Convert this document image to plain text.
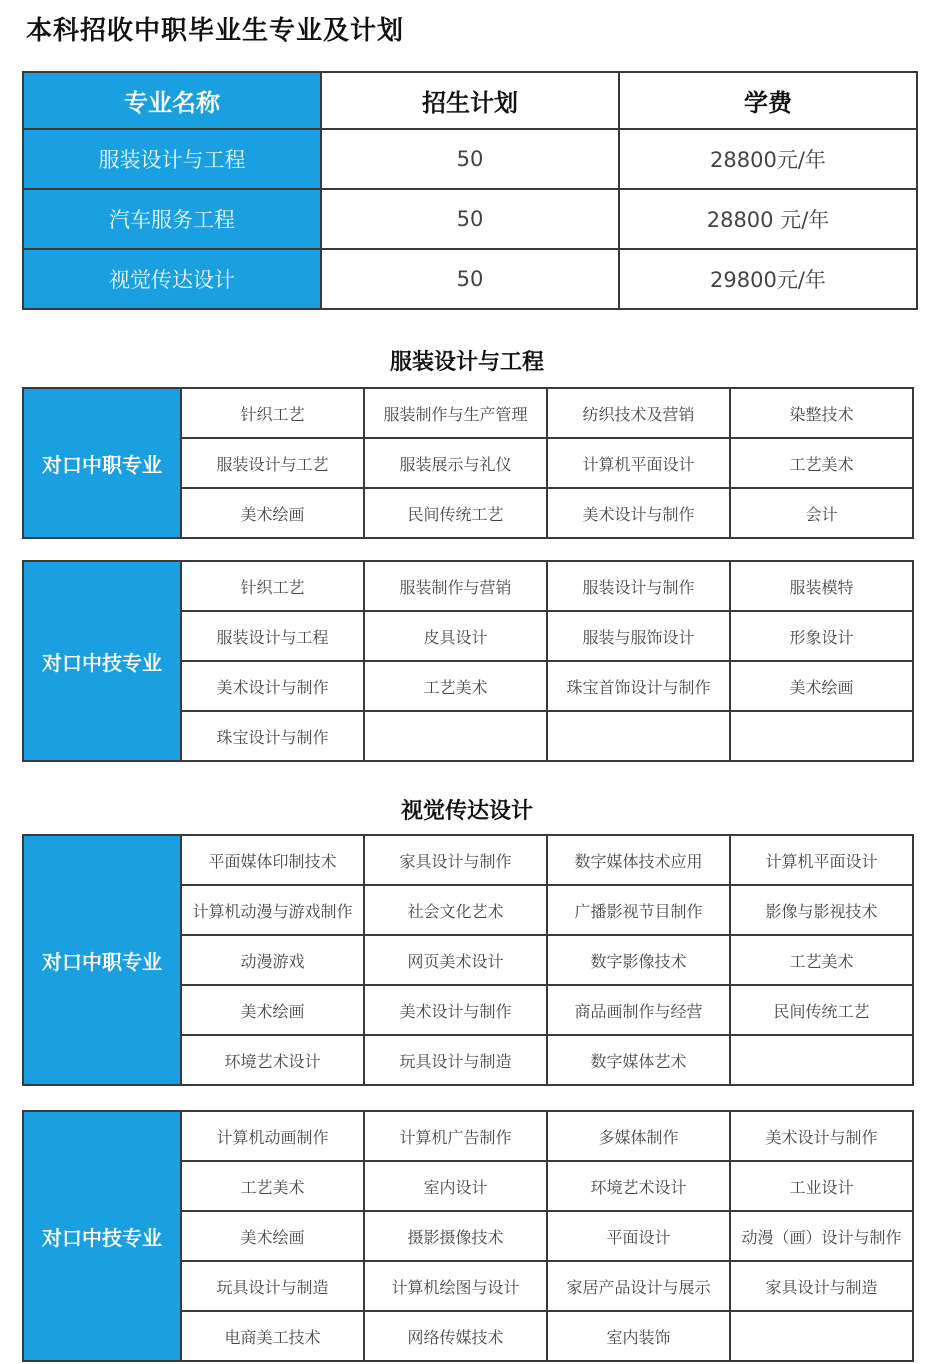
本科招收中职毕业生专业及计划
专业名称	招生计划	学费
服装设计与工程	50	28800元/年
汽车服务工程	50	28800 元/年
视觉传达设计	50	29800元/年
服装设计与工程
对口中职专业	针织工艺	服装制作与生产管理	纺织技术及营销	染整技术
	服装设计与工艺	服装展示与礼仪	计算机平面设计	工艺美术
	美术绘画	民间传统工艺	美术设计与制作	会计
对口中技专业	针织工艺	服装制作与营销	服装设计与制作	服装模特
	服装设计与工程	皮具设计	服装与服饰设计	形象设计
	美术设计与制作	工艺美术	珠宝首饰设计与制作	美术绘画
	珠宝设计与制作			
视觉传达设计
对口中职专业	平面媒体印制技术	家具设计与制作	数字媒体技术应用	计算机平面设计
	计算机动漫与游戏制作	社会文化艺术	广播影视节目制作	影像与影视技术
	动漫游戏	网页美术设计	数字影像技术	工艺美术
	美术绘画	美术设计与制作	商品画制作与经营	民间传统工艺
	环境艺术设计	玩具设计与制造	数字媒体艺术	
对口中技专业	计算机动画制作	计算机广告制作	多媒体制作	美术设计与制作
	工艺美术	室内设计	环境艺术设计	工业设计
	美术绘画	摄影摄像技术	平面设计	动漫（画）设计与制作
	玩具设计与制造	计算机绘图与设计	家居产品设计与展示	家具设计与制造
	电商美工技术	网络传媒技术	室内装饰	
